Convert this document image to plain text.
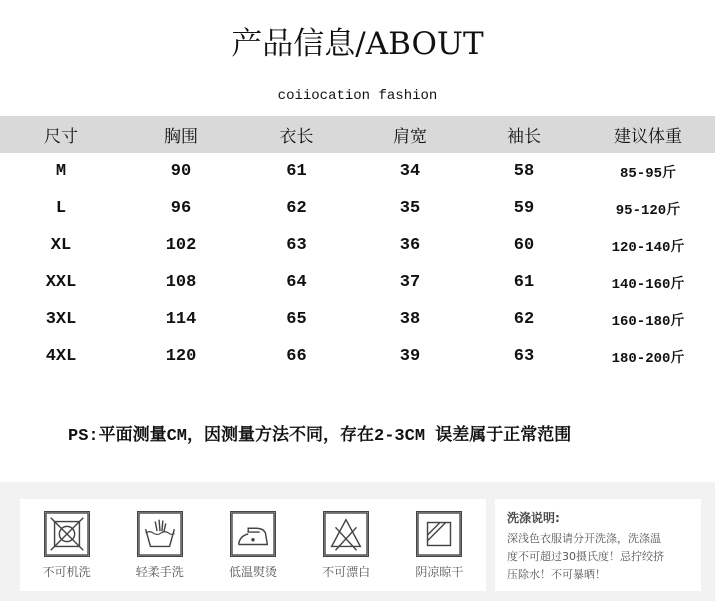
产品信息/ABOUT
coiiocation fashion
尺寸	胸围	衣长	肩宽	袖长	建议体重
M	90	61	34	58	85-95斤
L	96	62	35	59	95-120斤
XL	102	63	36	60	120-140斤
XXL	108	64	37	61	140-160斤
3XL	114	65	38	62	160-180斤
4XL	120	66	39	63	180-200斤
PS:平面测量CM，因测量方法不同，存在2-3CM 误差属于正常范围
不可机洗	轻柔手洗	低温熨烫	不可漂白	阴凉晾干
洗涤说明:
深浅色衣服请分开洗涤，洗涤温
度不可超过30摄氏度！忌拧绞挤
压除水！不可暴晒！
